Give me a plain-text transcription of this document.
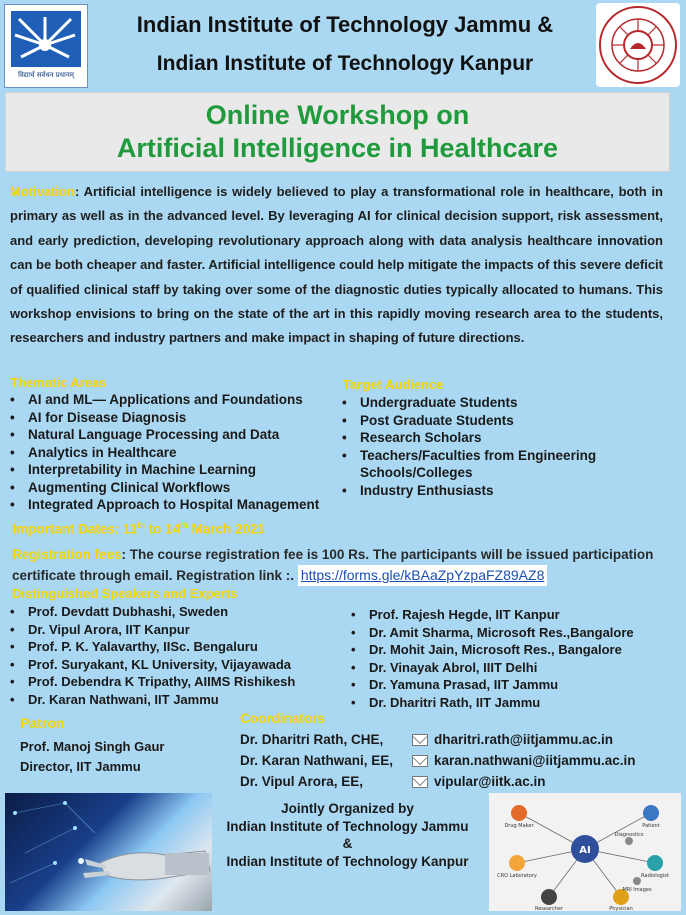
विद्यार्थ सर्वधन प्रधानम्
Indian Institute of Technology Jammu &
Indian Institute of Technology Kanpur
Online Workshop on
Artificial Intelligence in Healthcare
Motivation: Artificial intelligence is widely believed to play a transformational role in healthcare, both in primary as well as in the advanced level. By leveraging AI for clinical decision support, risk assessment, and early prediction, developing revolutionary approach along with data analysis healthcare innovation can be both cheaper and faster. Artificial intelligence could help mitigate the impacts of this severe deficit of qualified clinical staff by taking over some of the diagnostic duties typically allocated to humans. This workshop envisions to bring on the state of the art in this rapidly moving research area to the students, researchers and industry partners and make impact in shaping of future directions.
Thematic Areas
• AI and ML— Applications and Foundations
• AI for Disease Diagnosis
• Natural Language Processing and Data
• Analytics in Healthcare
• Interpretability in Machine Learning
• Augmenting Clinical Workflows
• Integrated Approach to Hospital Management
Target Audience
• Undergraduate Students
• Post Graduate Students
• Research Scholars
• Teachers/Faculties from Engineering Schools/Colleges
• Industry Enthusiasts
Important Dates: 11th to 14th March 2021
Registration fees: The course registration fee is 100 Rs. The participants will be issued participation certificate through email. Registration link :. https://forms.gle/kBAaZpYzpaFZ89AZ8
Distinguished Speakers and Experts
• Prof. Devdatt Dubhashi, Sweden
• Dr. Vipul Arora, IIT Kanpur
• Prof. P. K. Yalavarthy, IISc. Bengaluru
• Prof. Suryakant, KL University, Vijayawada
• Prof. Debendra K Tripathy, AIIMS Rishikesh
• Dr. Karan Nathwani, IIT Jammu
• Prof. Rajesh Hegde, IIT Kanpur
• Dr. Amit Sharma, Microsoft Res.,Bangalore
• Dr. Mohit Jain, Microsoft Res., Bangalore
• Dr. Vinayak Abrol, IIIT Delhi
• Dr. Yamuna Prasad, IIT Jammu
• Dr. Dharitri Rath, IIT Jammu
Patron
Prof. Manoj Singh Gaur
Director, IIT Jammu
Coordinators
Dr. Dharitri Rath, CHE,	dharitri.rath@iitjammu.ac.in
Dr. Karan Nathwani, EE,	karan.nathwani@iitjammu.ac.in
Dr. Vipul Arora, EE,	vipular@iitk.ac.in
Jointly Organized by
Indian Institute of Technology Jammu
&
Indian Institute of Technology Kanpur
AI
Drug Maker	Patient
CRO Laboratory	Radiologist
Researcher	Physician
Diagnostics
MRI Images
